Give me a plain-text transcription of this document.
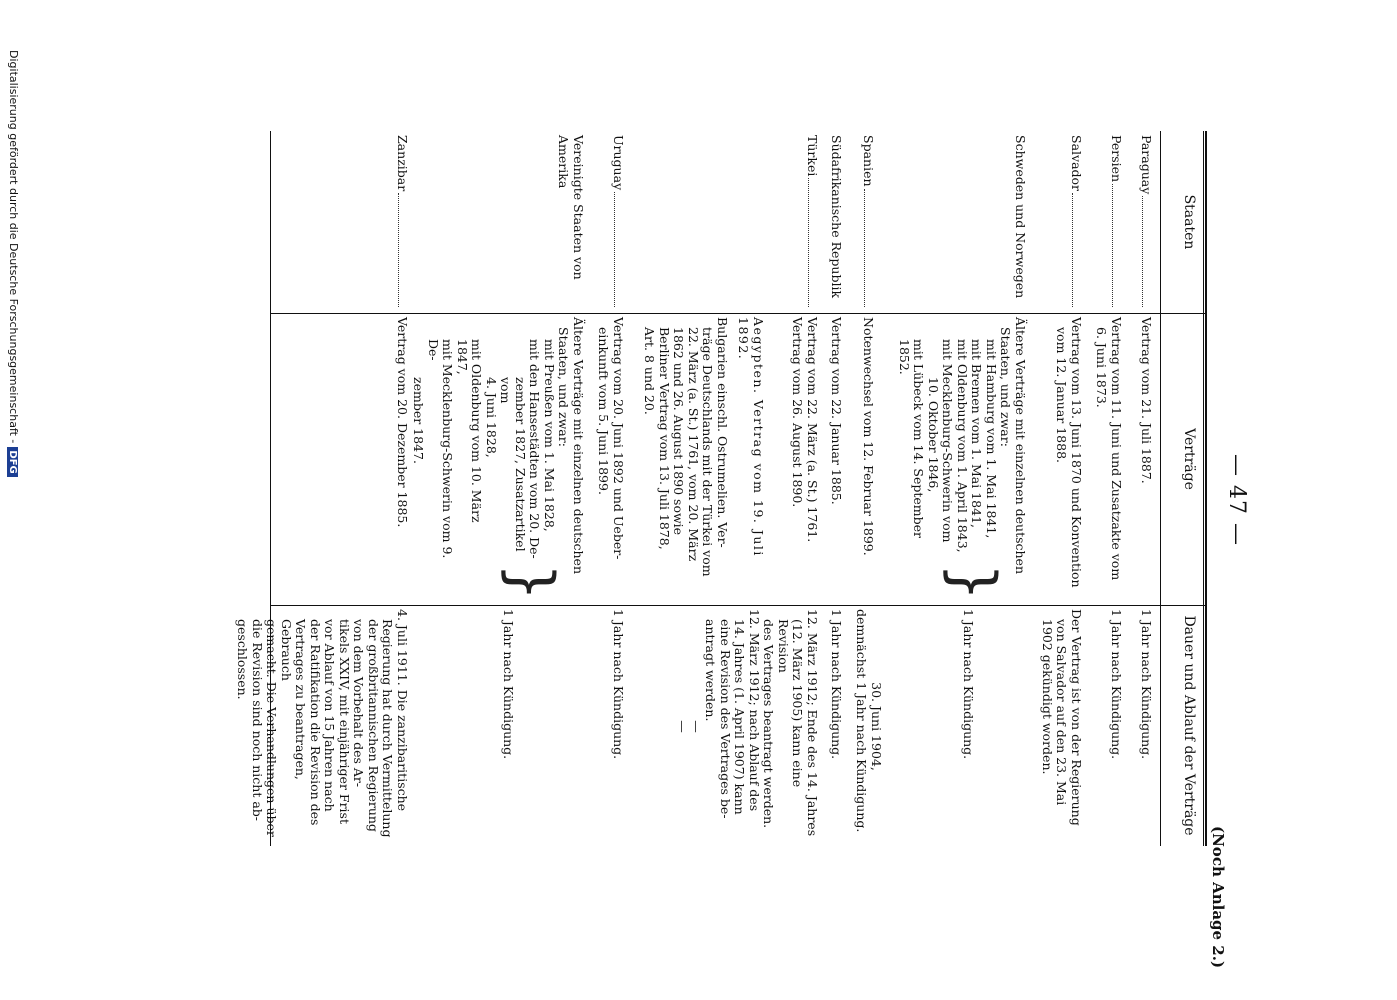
— 47 —
(Noch Anlage 2.)
Staaten
Verträge
Dauer und Ablauf der Verträge
Paraguay
Vertrag vom 21. Juli 1887.
1 Jahr nach Kündigung.
Persien
Vertrag vom 11. Juni und Zusatzakte vom
6. Juni 1873.
1 Jahr nach Kündigung.
Salvador
Vertrag vom 13. Juni 1870 und Konvention
vom 12. Januar 1888.
Der Vertrag ist von der Regierung
von Salvador auf den 23. Mai
1902 gekündigt worden.
Schweden und Norwegen
Ältere Verträge mit einzelnen deutschen
Staaten, und zwar:
mit Hamburg vom 1. Mai 1841,
mit Bremen vom 1. Mai 1841,
mit Oldenburg vom 1. April 1843,
mit Mecklenburg-Schwerin vom
10. Oktober 1846,
mit Lübeck vom 14. September 1852.
}
1 Jahr nach Kündigung.
Spanien
Notenwechsel vom 12. Februar 1899.
30. Juni 1904,
demnächst 1 Jahr nach Kündigung.
Südafrikanische Republik
Vertrag vom 22. Januar 1885.
1 Jahr nach Kündigung.
Türkei
Vertrag vom 22. März (a. St.) 1761.
Vertrag vom 26. August 1890.
12. März 1912; Ende des 14. Jahres
(12. März 1905) kann eine Revision
des Vertrages beantragt werden.
12. März 1912; nach Ablauf des
14. Jahres (1. April 1907) kann
eine Revision des Vertrages be-
antragt werden.
Aegypten. Vertrag vom 19. Juli 1892.
—
Bulgarien einschl. Ostrumelien. Ver-
träge Deutschlands mit der Türkei vom
22. März (a. St.) 1761, vom 20. März
1862 und 26. August 1890 sowie
Berliner Vertrag vom 13. Juli 1878,
Art. 8 und 20.
—
Uruguay
Vertrag vom 20. Juni 1892 und Ueber-
einkunft vom 5. Juni 1899.
1 Jahr nach Kündigung.
Vereinigte Staaten von Amerika
Ältere Verträge mit einzelnen deutschen
Staaten, und zwar:
mit Preußen vom 1. Mai 1828,
mit den Hansestädten vom 20. De-
zember 1827, Zusatzartikel vom
4. Juni 1828,
mit Oldenburg vom 10. März 1847,
mit Mecklenburg-Schwerin vom 9. De-
zember 1847.
}
1 Jahr nach Kündigung.
Zanzibar
Vertrag vom 20. Dezember 1885.
4. Juli 1911. Die zanzibaritische
Regierung hat durch Vermittelung
der großbritannischen Regierung
von dem Vorbehalt des Ar-
tikels XXIV, mit einjähriger Frist
vor Ablauf von 15 Jahren nach
der Ratifikation die Revision des
Vertrages zu beantragen, Gebrauch
gemacht. Die Verhandlungen über
die Revision sind noch nicht ab-
geschlossen.
Digitalisierung gefördert durch die Deutsche Forschungsgemeinschaft -DFG
